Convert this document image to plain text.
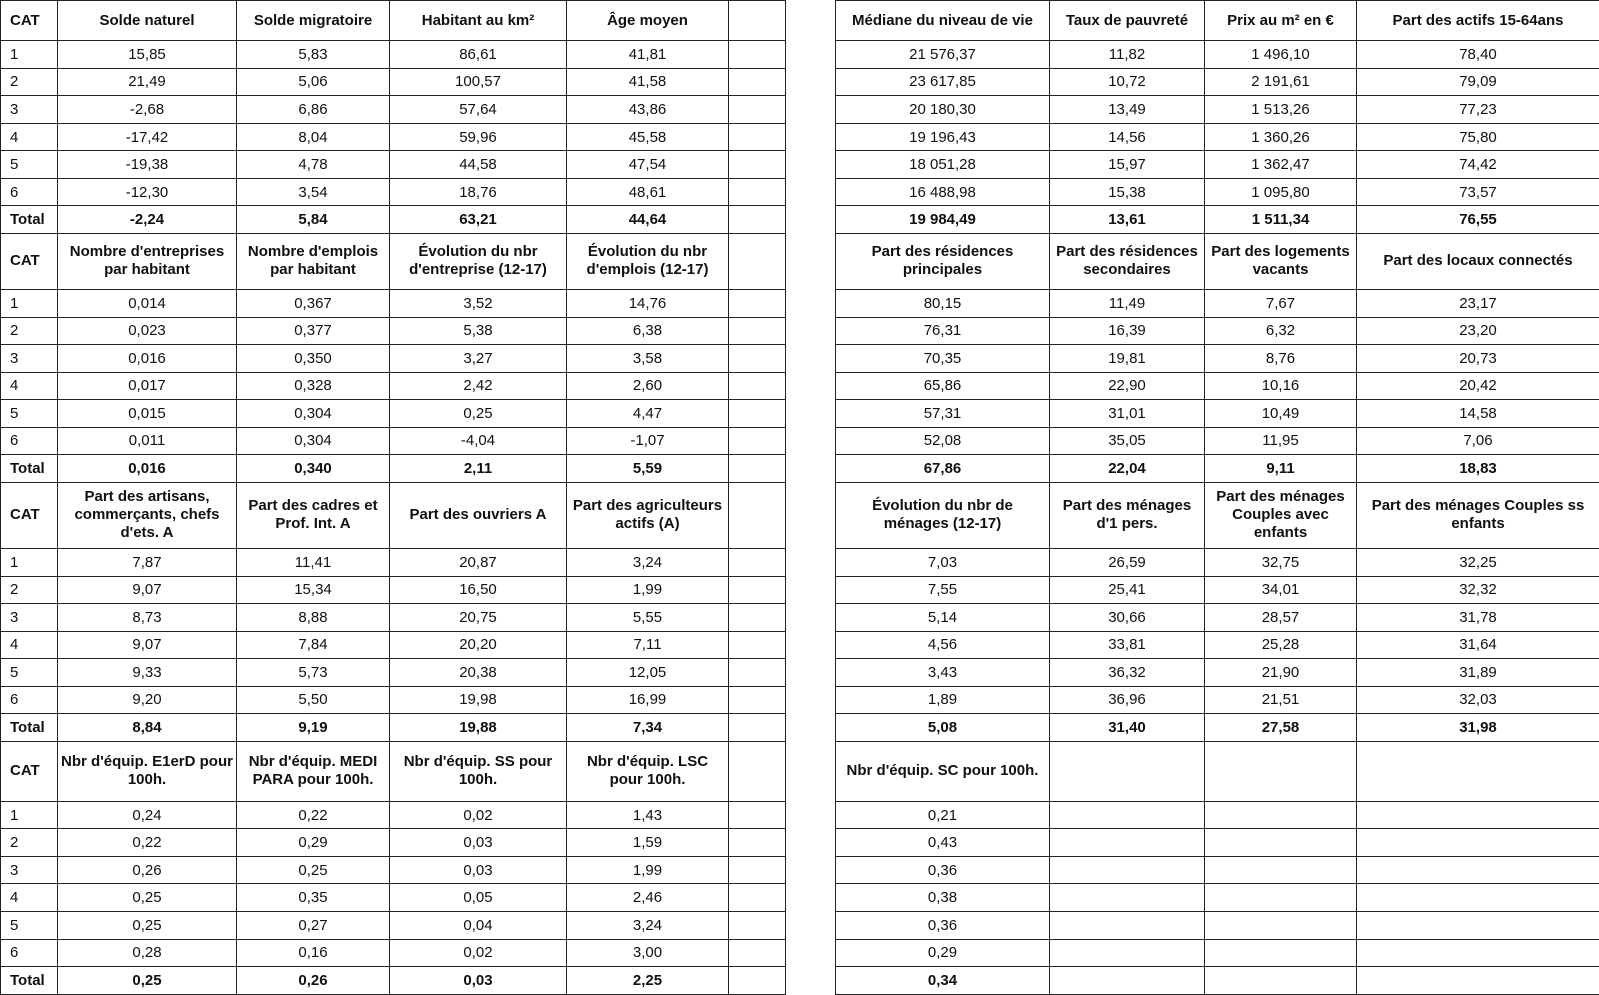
CAT	Solde naturel	Solde migratoire	Habitant au km²	Âge moyen	
1	15,85	5,83	86,61	41,81	
2	21,49	5,06	100,57	41,58	
3	-2,68	6,86	57,64	43,86	
4	-17,42	8,04	59,96	45,58	
5	-19,38	4,78	44,58	47,54	
6	-12,30	3,54	18,76	48,61	
Total	-2,24	5,84	63,21	44,64	
CAT	Nombre d'entreprises par habitant	Nombre d'emplois par habitant	Évolution du nbr d'entreprise (12-17)	Évolution du nbr d'emplois (12-17)	
1	0,014	0,367	3,52	14,76	
2	0,023	0,377	5,38	6,38	
3	0,016	0,350	3,27	3,58	
4	0,017	0,328	2,42	2,60	
5	0,015	0,304	0,25	4,47	
6	0,011	0,304	-4,04	-1,07	
Total	0,016	0,340	2,11	5,59	
CAT	Part des artisans, commerçants, chefs d'ets. A	Part des cadres et Prof. Int. A	Part des ouvriers A	Part des agriculteurs actifs (A)	
1	7,87	11,41	20,87	3,24	
2	9,07	15,34	16,50	1,99	
3	8,73	8,88	20,75	5,55	
4	9,07	7,84	20,20	7,11	
5	9,33	5,73	20,38	12,05	
6	9,20	5,50	19,98	16,99	
Total	8,84	9,19	19,88	7,34	
CAT	Nbr d'équip. E1erD pour 100h.	Nbr d'équip. MEDI PARA pour 100h.	Nbr d'équip. SS pour 100h.	Nbr d'équip. LSC pour 100h.	
1	0,24	0,22	0,02	1,43	
2	0,22	0,29	0,03	1,59	
3	0,26	0,25	0,03	1,99	
4	0,25	0,35	0,05	2,46	
5	0,25	0,27	0,04	3,24	
6	0,28	0,16	0,02	3,00	
Total	0,25	0,26	0,03	2,25	
Médiane du niveau de vie	Taux de pauvreté	Prix au m² en €	Part des actifs 15-64ans
21 576,37	11,82	1 496,10	78,40
23 617,85	10,72	2 191,61	79,09
20 180,30	13,49	1 513,26	77,23
19 196,43	14,56	1 360,26	75,80
18 051,28	15,97	1 362,47	74,42
16 488,98	15,38	1 095,80	73,57
19 984,49	13,61	1 511,34	76,55
Part des résidences principales	Part des résidences secondaires	Part des logements vacants	Part des locaux connectés
80,15	11,49	7,67	23,17
76,31	16,39	6,32	23,20
70,35	19,81	8,76	20,73
65,86	22,90	10,16	20,42
57,31	31,01	10,49	14,58
52,08	35,05	11,95	7,06
67,86	22,04	9,11	18,83
Évolution du nbr de ménages (12-17)	Part des ménages d'1 pers.	Part des ménages Couples avec enfants	Part des ménages Couples ss enfants
7,03	26,59	32,75	32,25
7,55	25,41	34,01	32,32
5,14	30,66	28,57	31,78
4,56	33,81	25,28	31,64
3,43	36,32	21,90	31,89
1,89	36,96	21,51	32,03
5,08	31,40	27,58	31,98
Nbr d'équip. SC pour 100h.			
0,21			
0,43			
0,36			
0,38			
0,36			
0,29			
0,34			
